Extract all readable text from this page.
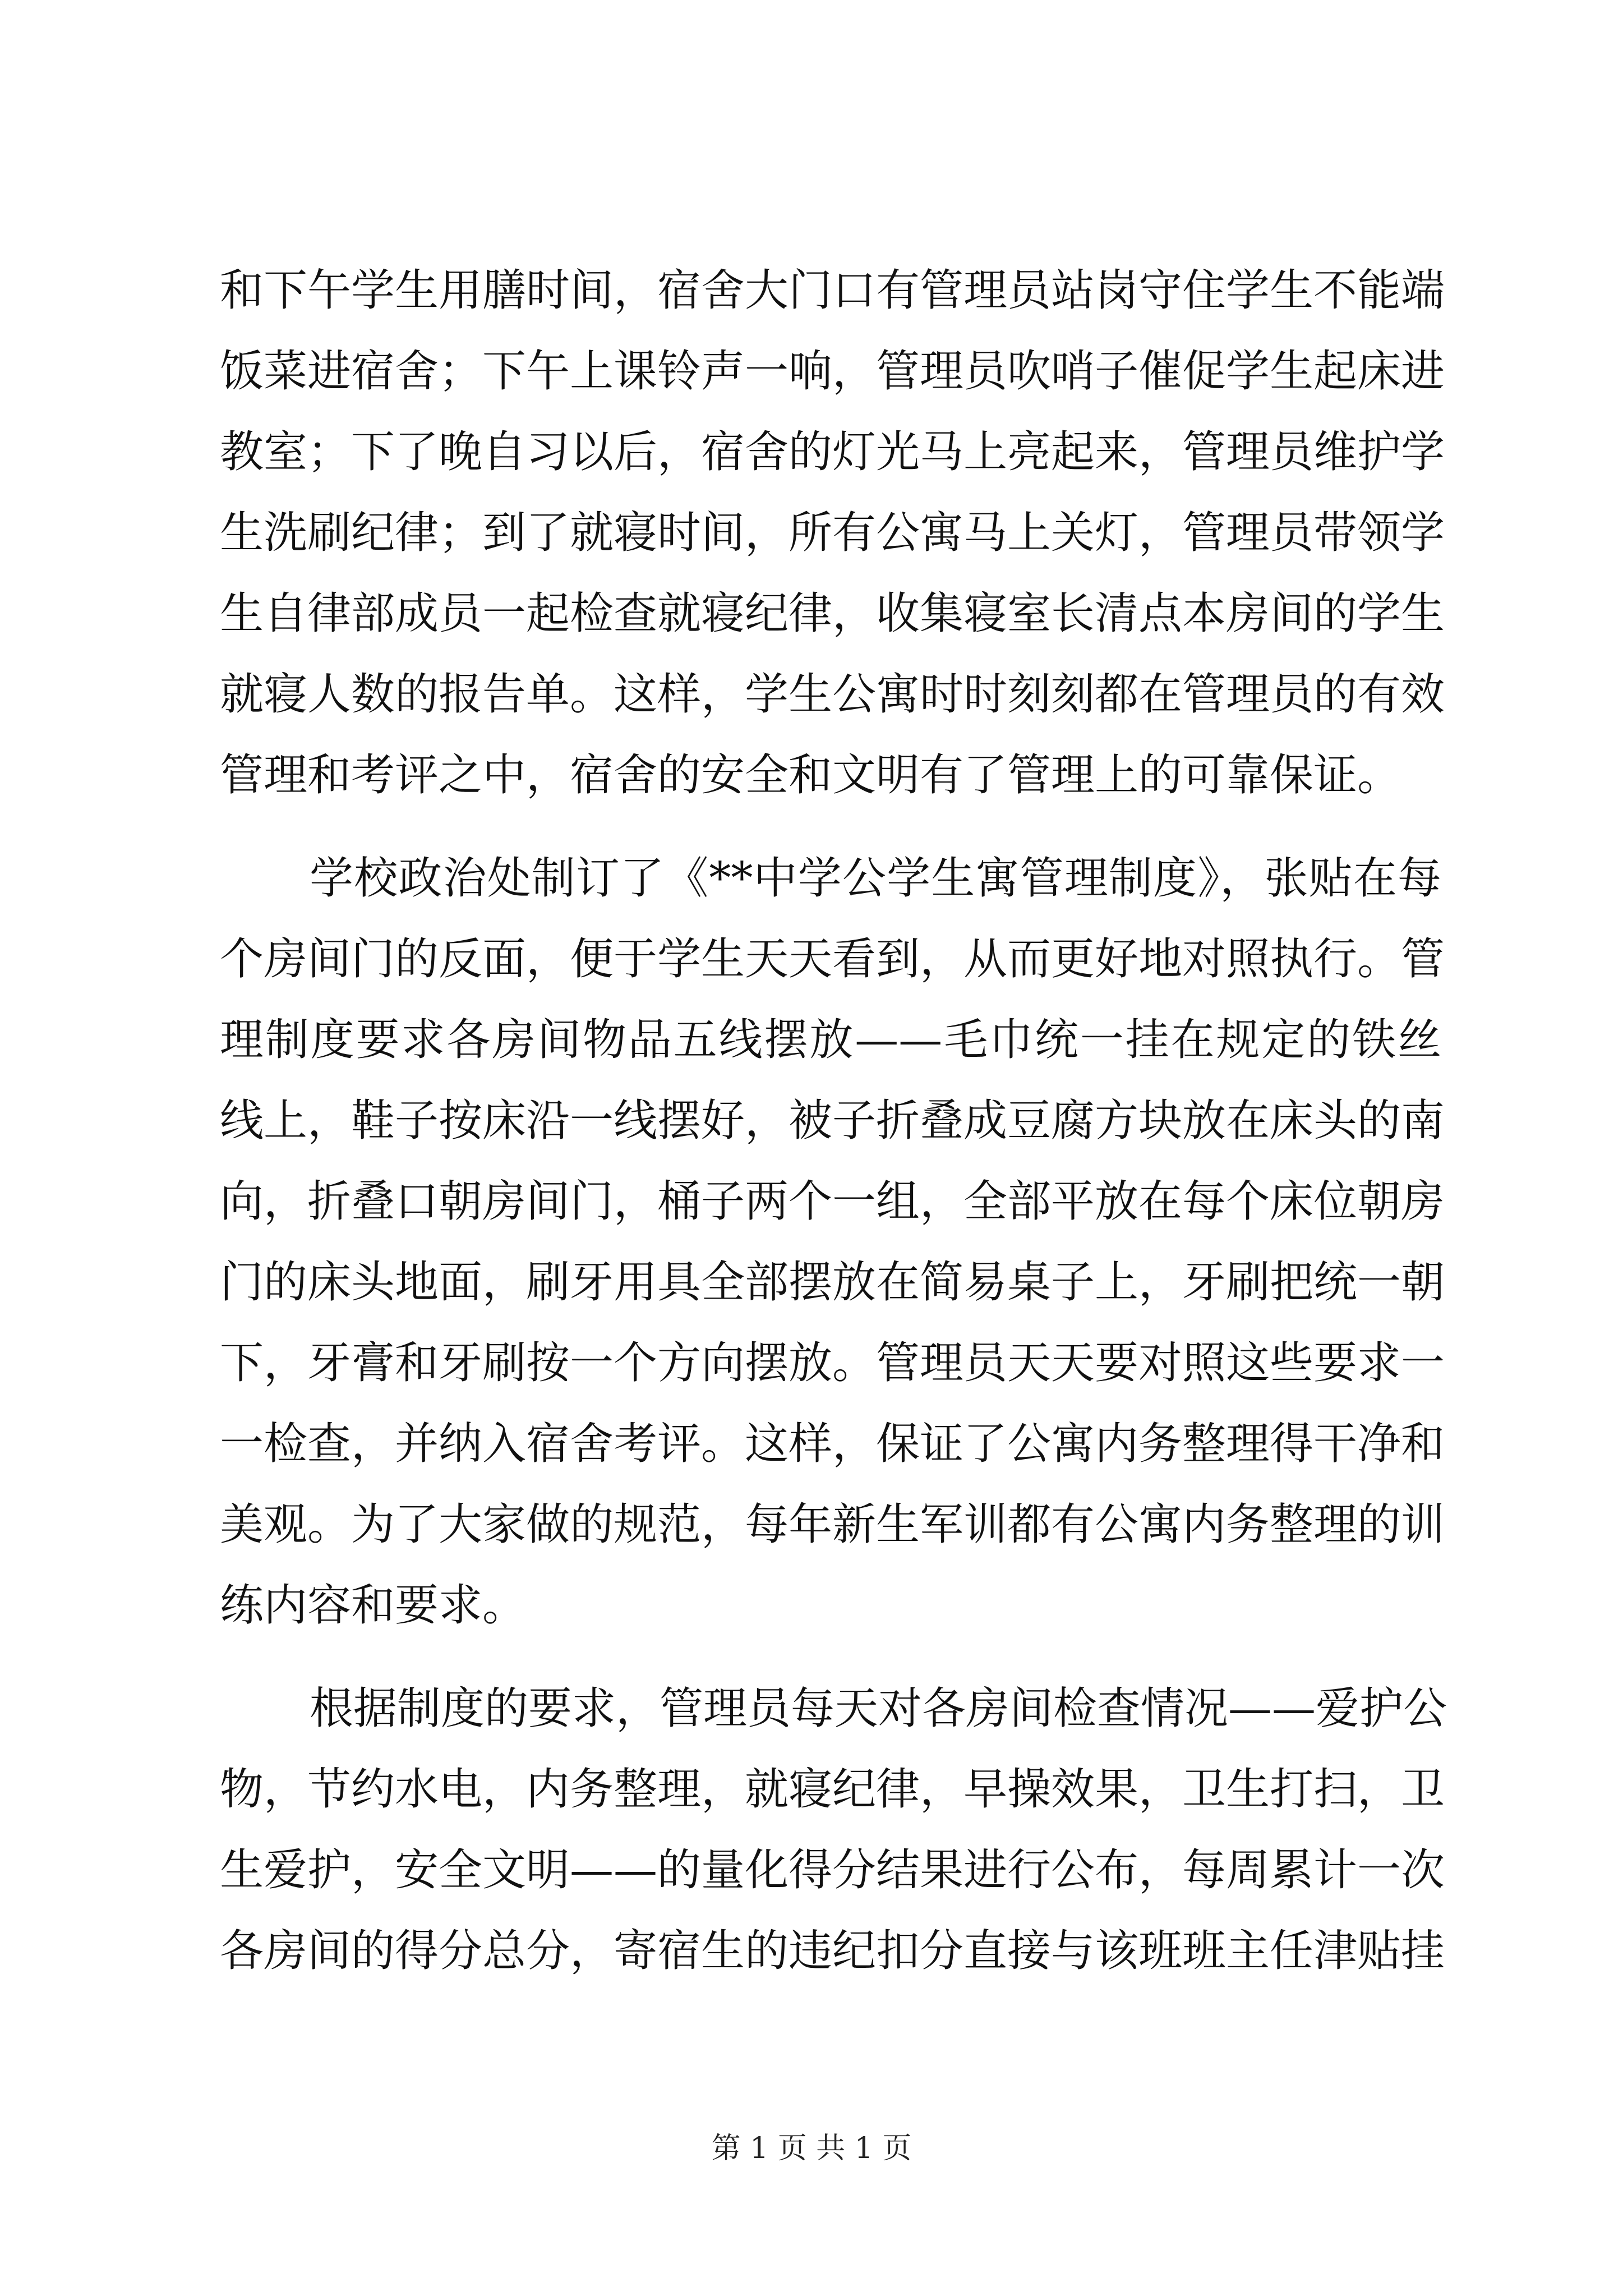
和下午学生用膳时间，宿舍大门口有管理员站岗守住学生不能端
饭菜进宿舍；下午上课铃声一响，管理员吹哨子催促学生起床进
教室；下了晚自习以后，宿舍的灯光马上亮起来，管理员维护学
生洗刷纪律；到了就寝时间，所有公寓马上关灯，管理员带领学
生自律部成员一起检查就寝纪律，收集寝室长清点本房间的学生
就寝人数的报告单。这样，学生公寓时时刻刻都在管理员的有效
管理和考评之中，宿舍的安全和文明有了管理上的可靠保证。
学校政治处制订了《**中学公学生寓管理制度》，张贴在每
个房间门的反面，便于学生天天看到，从而更好地对照执行。管
理制度要求各房间物品五线摆放——毛巾统一挂在规定的铁丝
线上，鞋子按床沿一线摆好，被子折叠成豆腐方块放在床头的南
向，折叠口朝房间门，桶子两个一组，全部平放在每个床位朝房
门的床头地面，刷牙用具全部摆放在简易桌子上，牙刷把统一朝
下，牙膏和牙刷按一个方向摆放。管理员天天要对照这些要求一
一检查，并纳入宿舍考评。这样，保证了公寓内务整理得干净和
美观。为了大家做的规范，每年新生军训都有公寓内务整理的训
练内容和要求。
根据制度的要求，管理员每天对各房间检查情况——爱护公
物，节约水电，内务整理，就寝纪律，早操效果，卫生打扫，卫
生爱护，安全文明——的量化得分结果进行公布，每周累计一次
各房间的得分总分，寄宿生的违纪扣分直接与该班班主任津贴挂
第 1 页 共 1 页
